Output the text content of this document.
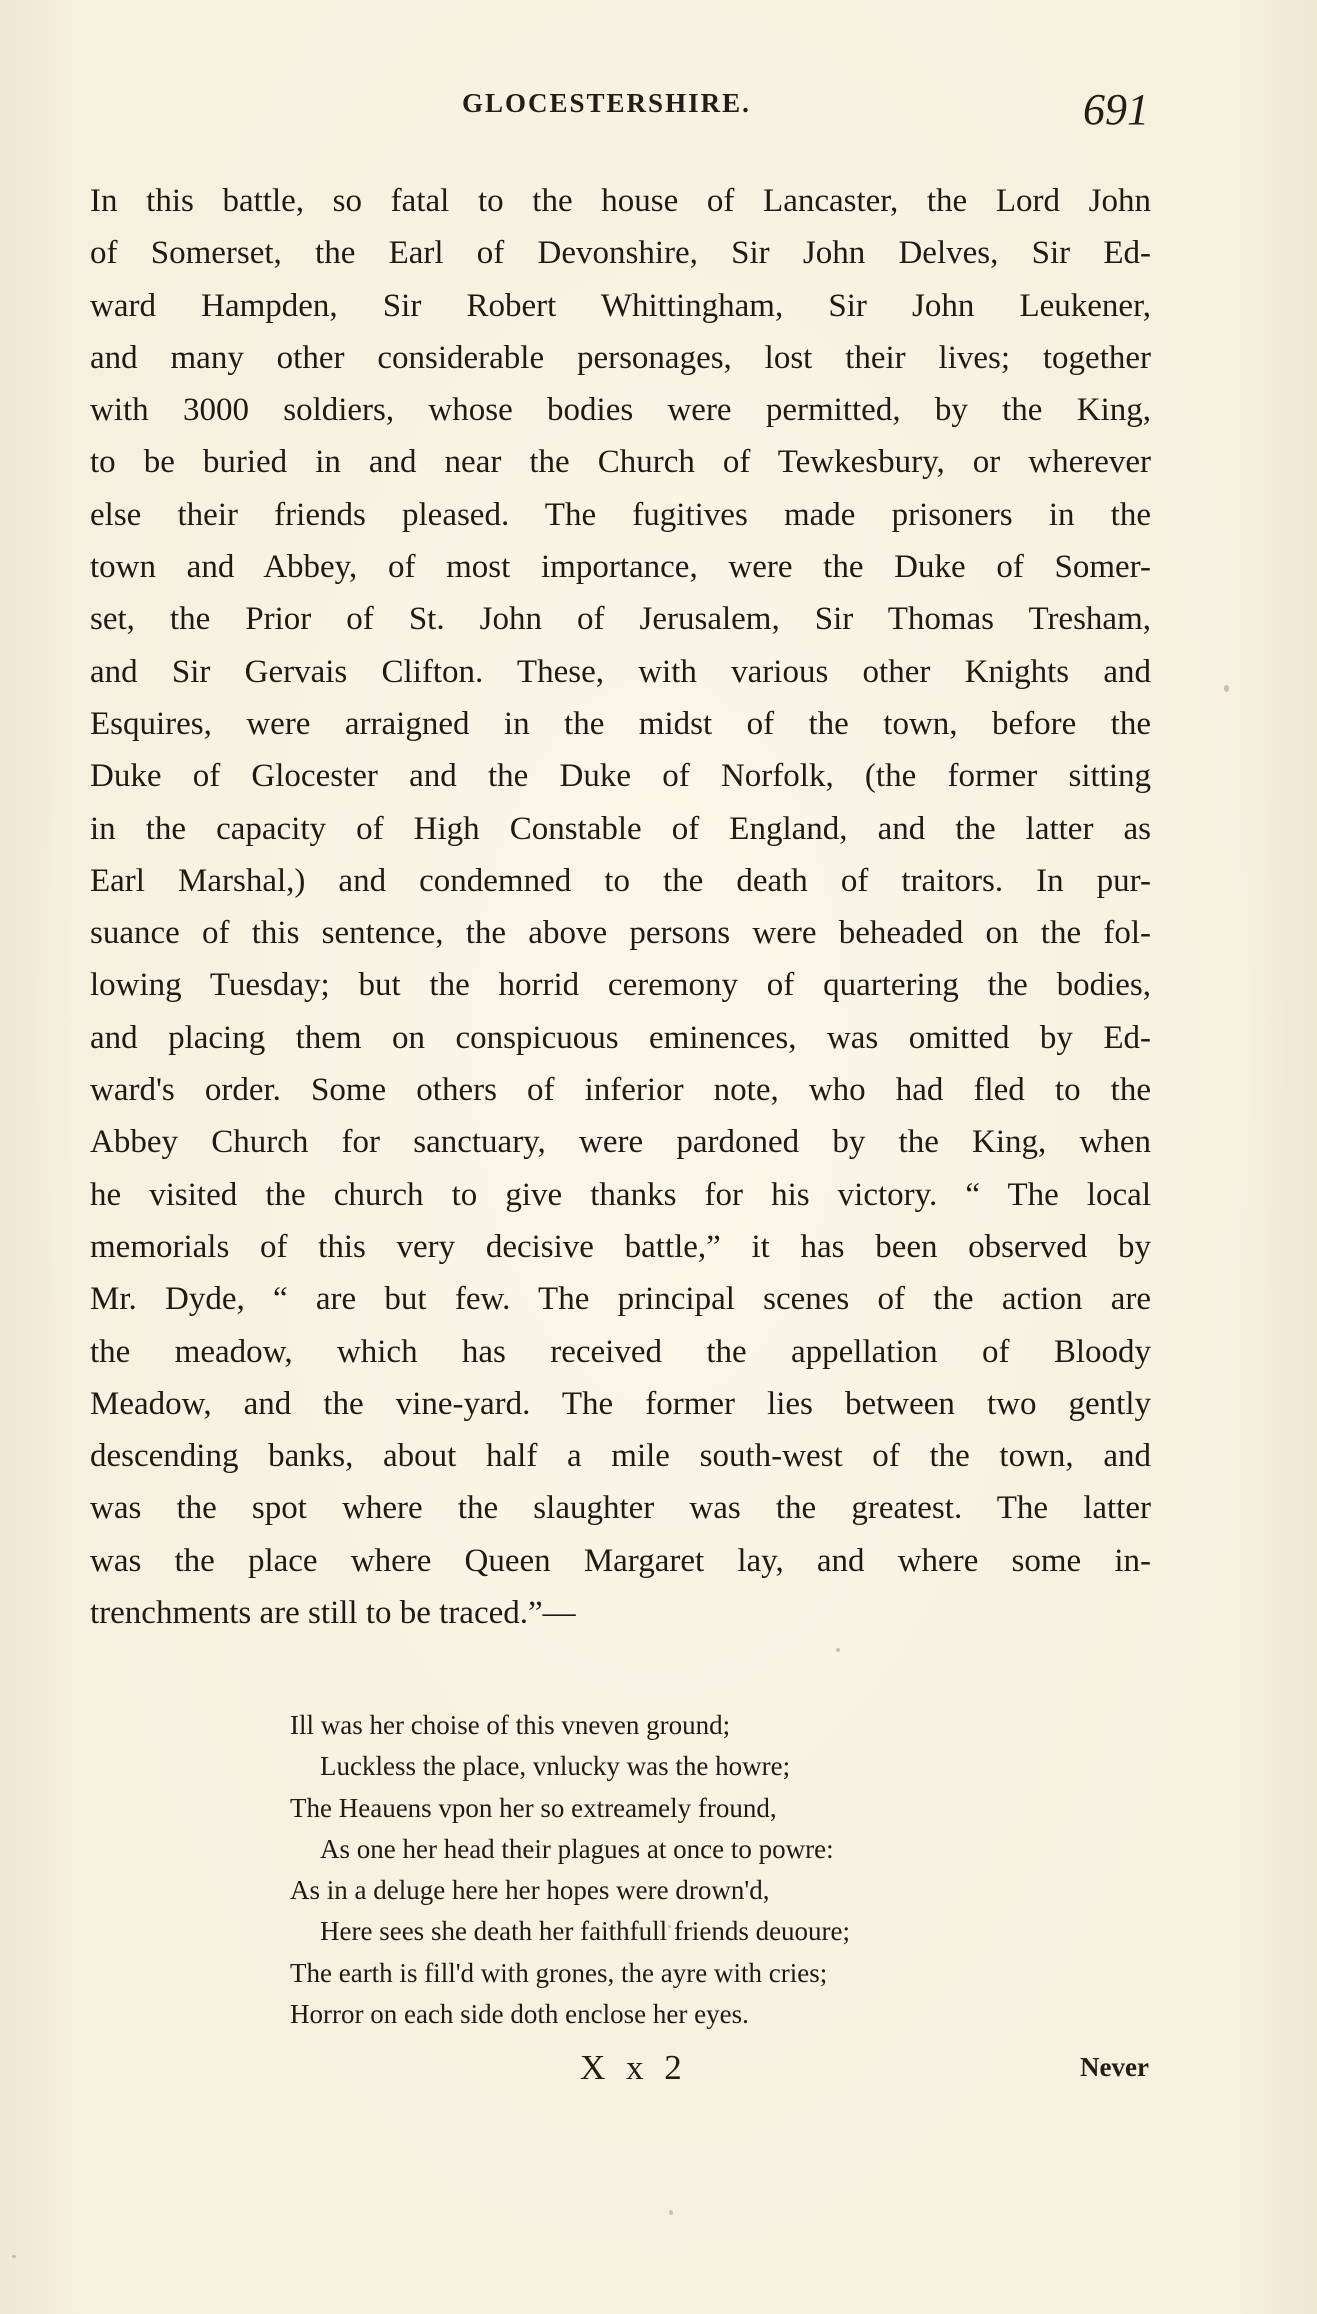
GLOCESTERSHIRE.	691
In this battle, so fatal to the house of Lancaster, the Lord John
of Somerset, the Earl of Devonshire, Sir John Delves, Sir Ed-
ward Hampden, Sir Robert Whittingham, Sir John Leukener,
and many other considerable personages, lost their lives; together
with 3000 soldiers, whose bodies were permitted, by the King,
to be buried in and near the Church of Tewkesbury, or wherever
else their friends pleased. The fugitives made prisoners in the
town and Abbey, of most importance, were the Duke of Somer-
set, the Prior of St. John of Jerusalem, Sir Thomas Tresham,
and Sir Gervais Clifton. These, with various other Knights and
Esquires, were arraigned in the midst of the town, before the
Duke of Glocester and the Duke of Norfolk, (the former sitting
in the capacity of High Constable of England, and the latter as
Earl Marshal,) and condemned to the death of traitors. In pur-
suance of this sentence, the above persons were beheaded on the fol-
lowing Tuesday; but the horrid ceremony of quartering the bodies,
and placing them on conspicuous eminences, was omitted by Ed-
ward's order. Some others of inferior note, who had fled to the
Abbey Church for sanctuary, were pardoned by the King, when
he visited the church to give thanks for his victory. “ The local
memorials of this very decisive battle,” it has been observed by
Mr. Dyde, “ are but few. The principal scenes of the action are
the meadow, which has received the appellation of Bloody
Meadow, and the vine-yard. The former lies between two gently
descending banks, about half a mile south-west of the town, and
was the spot where the slaughter was the greatest. The latter
was the place where Queen Margaret lay, and where some in-
trenchments are still to be traced.”—
Ill was her choise of this vneven ground;
Luckless the place, vnlucky was the howre;
The Heauens vpon her so extreamely fround,
As one her head their plagues at once to powre:
As in a deluge here her hopes were drown'd,
Here sees she death her faithfull friends deuoure;
The earth is fill'd with grones, the ayre with cries;
Horror on each side doth enclose her eyes.
X x 2	Never
